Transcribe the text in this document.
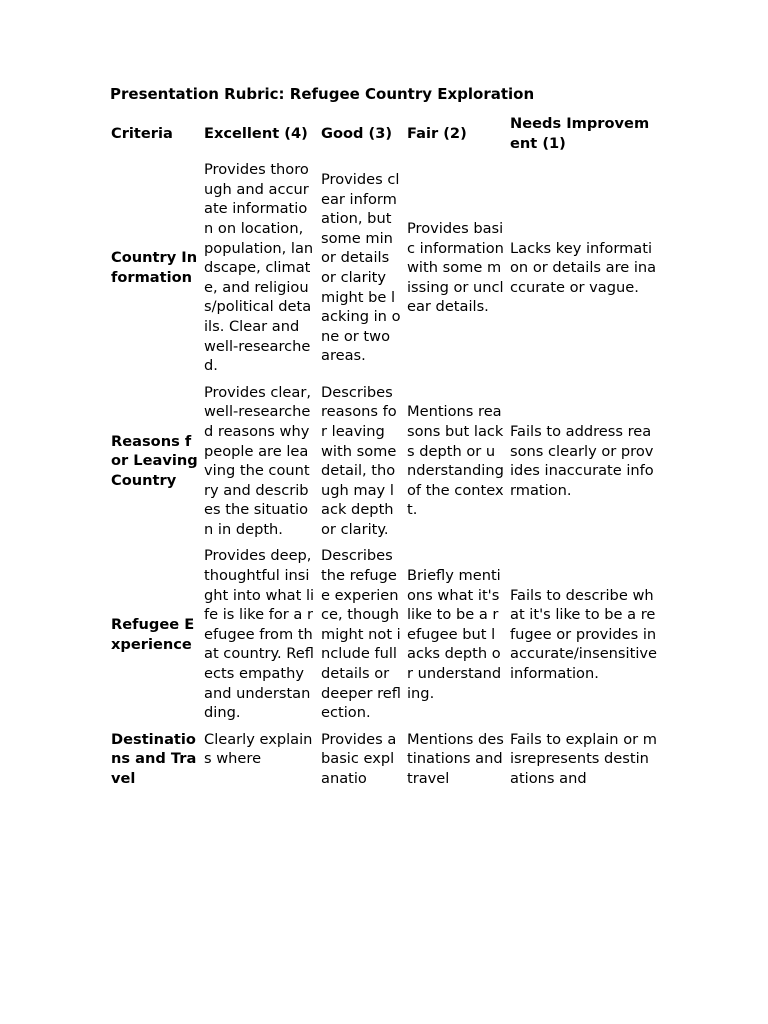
Presentation Rubric: Refugee Country Exploration
Criteria	Excellent (4)	Good (3)	Fair (2)	Needs Improvement (1)
Country Information	Provides thorough and accurate information on location, population, landscape, climate, and religious/political details. Clear and well-researched.	Provides clear information, but some minor details or clarity might be lacking in one or two areas.	Provides basic information with some missing or unclear details.	Lacks key information or details are inaccurate or vague.
Reasons for Leaving Country	Provides clear, well-researched reasons why people are leaving the country and describes the situation in depth.	Describes reasons for leaving with some detail, though may lack depth or clarity.	Mentions reasons but lacks depth or understanding of the context.	Fails to address reasons clearly or provides inaccurate information.
Refugee Experience	Provides deep, thoughtful insight into what life is like for a refugee from that country. Reflects empathy and understanding.	Describes the refugee experience, though might not include full details or deeper reflection.	Briefly mentions what it's like to be a refugee but lacks depth or understanding.	Fails to describe what it's like to be a refugee or provides inaccurate/insensitive information.

Destinations and Travel	Clearly explains where	Provides a basic explanatio	Mentions destinations and travel	Fails to explain or misrepresents destinations and
